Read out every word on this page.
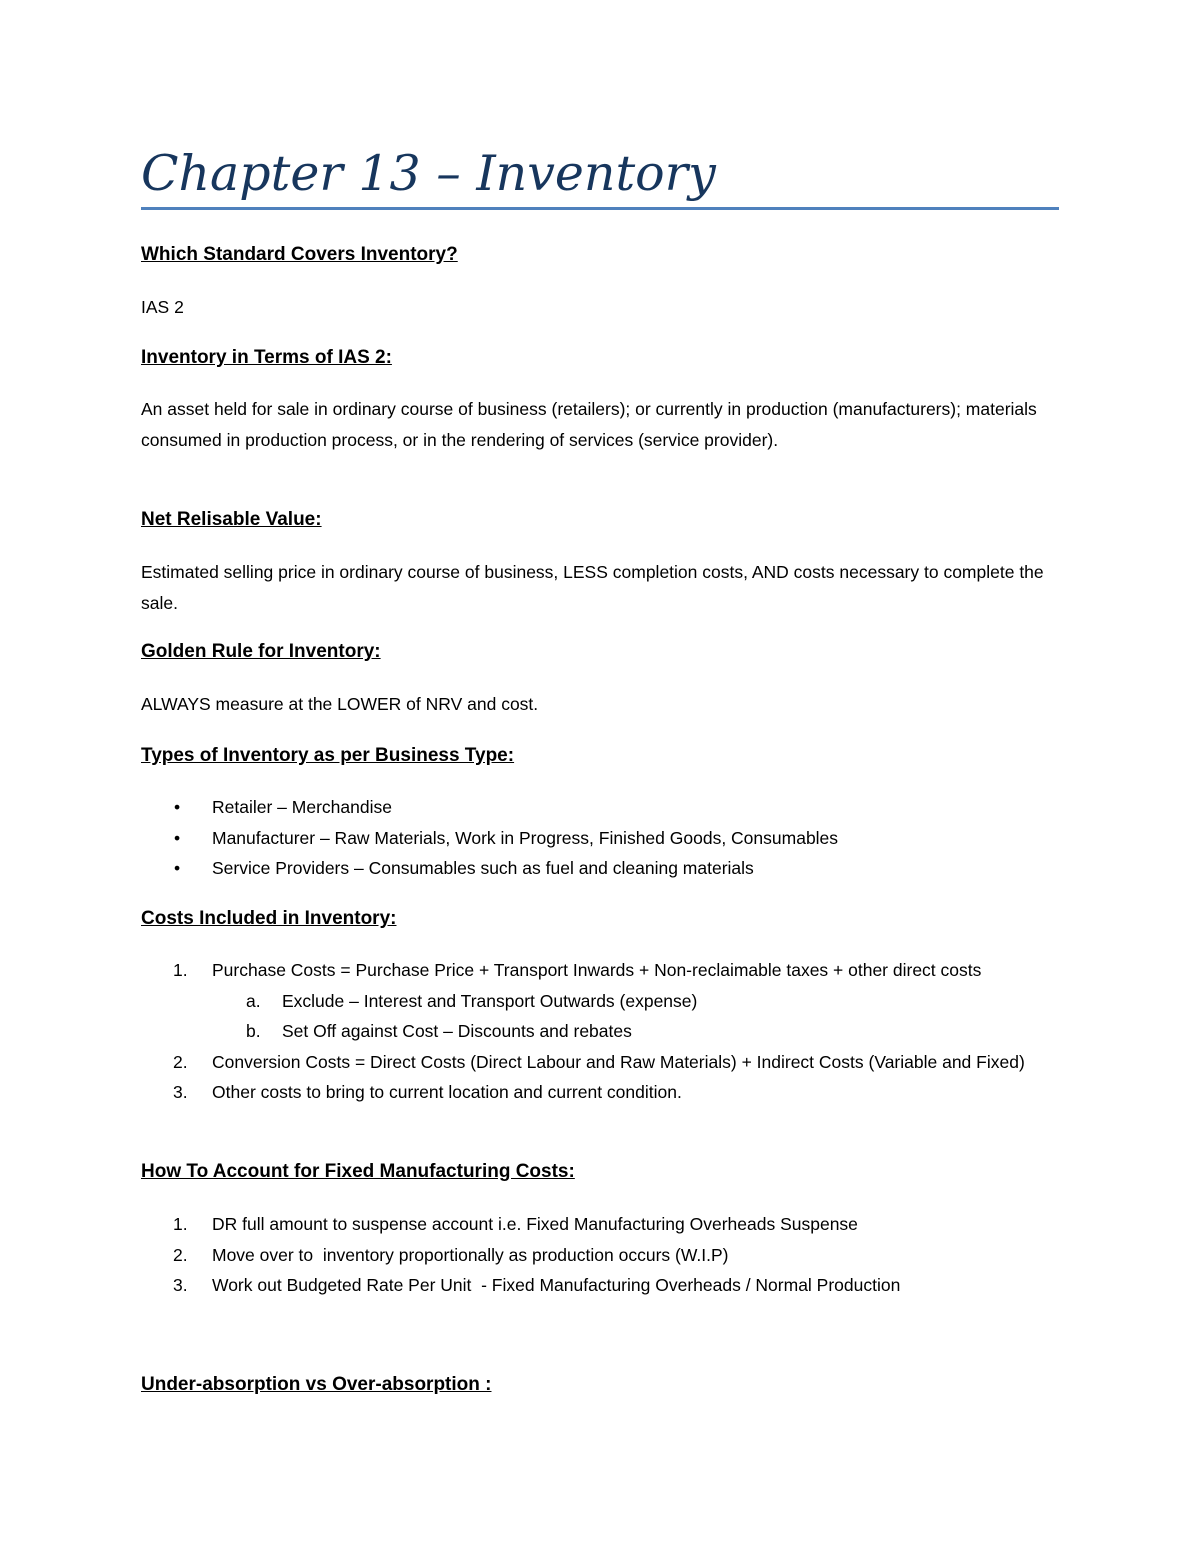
Chapter 13 – Inventory
Which Standard Covers Inventory?

IAS 2

Inventory in Terms of IAS 2:

An asset held for sale in ordinary course of business (retailers); or currently in production (manufacturers); materials consumed in production process, or in the rendering of services (service provider).

Net Relisable Value:

Estimated selling price in ordinary course of business, LESS completion costs, AND costs necessary to complete the sale.

Golden Rule for Inventory:

ALWAYS measure at the LOWER of NRV and cost.

Types of Inventory as per Business Type:
• Retailer – Merchandise
• Manufacturer – Raw Materials, Work in Progress, Finished Goods, Consumables
• Service Providers – Consumables such as fuel and cleaning materials
Costs Included in Inventory:
1. Purchase Costs = Purchase Price + Transport Inwards + Non-reclaimable taxes + other direct costs
a. Exclude – Interest and Transport Outwards (expense)
b. Set Off against Cost – Discounts and rebates
2. Conversion Costs = Direct Costs (Direct Labour and Raw Materials) + Indirect Costs (Variable and Fixed)
3. Other costs to bring to current location and current condition.
How To Account for Fixed Manufacturing Costs:
1. DR full amount to suspense account i.e. Fixed Manufacturing Overheads Suspense
2. Move over to  inventory proportionally as production occurs (W.I.P)
3. Work out Budgeted Rate Per Unit  - Fixed Manufacturing Overheads / Normal Production
Under-absorption vs Over-absorption :
